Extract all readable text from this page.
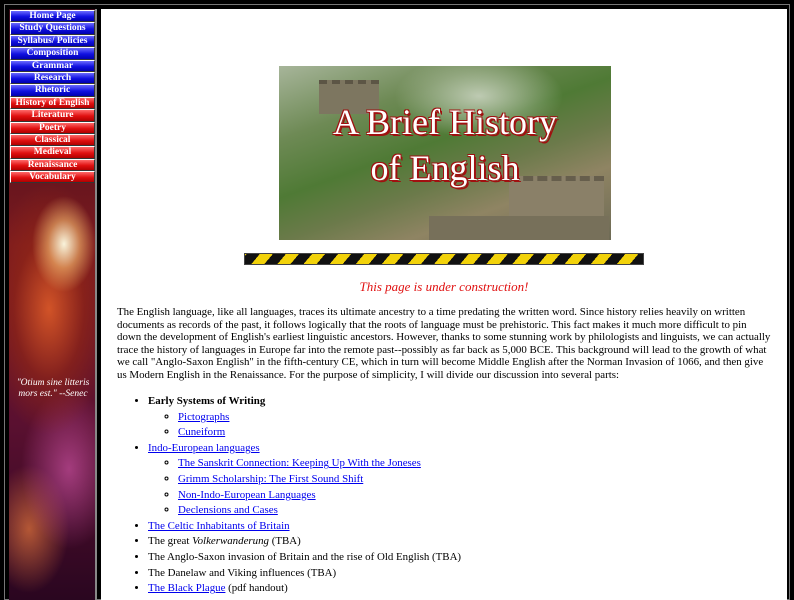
Home Page
Study Questions
Syllabus/ Policies
Composition
Grammar
Research
Rhetoric
History of English
Literature
Poetry
Classical
Medieval
Renaissance
Vocabulary
"Otium sine litteris mors est." --Senec
A Brief History
of English
This page is under construction!
The English language, like all languages, traces its ultimate ancestry to a time predating the written word. Since history relies heavily on written documents as records of the past, it follows logically that the roots of language must be prehistoric. This fact makes it much more difficult to pin down the development of English's earliest linguistic ancestors. However, thanks to some stunning work by philologists and linguists, we can actually trace the history of languages in Europe far into the remote past--possibly as far back as 5,000 BCE. This background will lead to the growth of what we call "Anglo-Saxon English" in the fifth-century CE, which in turn will become Middle English after the Norman Invasion of 1066, and then give us Modern English in the Renaissance. For the purpose of simplicity, I will divide our discussion into several parts:
• Early Systems of Writing
◦ Pictographs
◦ Cuneiform
• Indo-European languages
◦ The Sanskrit Connection: Keeping Up With the Joneses
◦ Grimm Scholarship: The First Sound Shift
◦ Non-Indo-European Languages
◦ Declensions and Cases
• The Celtic Inhabitants of Britain
• The great Volkerwanderung (TBA)
• The Anglo-Saxon invasion of Britain and the rise of Old English (TBA)
• The Danelaw and Viking influences (TBA)
• The Black Plague (pdf handout)
